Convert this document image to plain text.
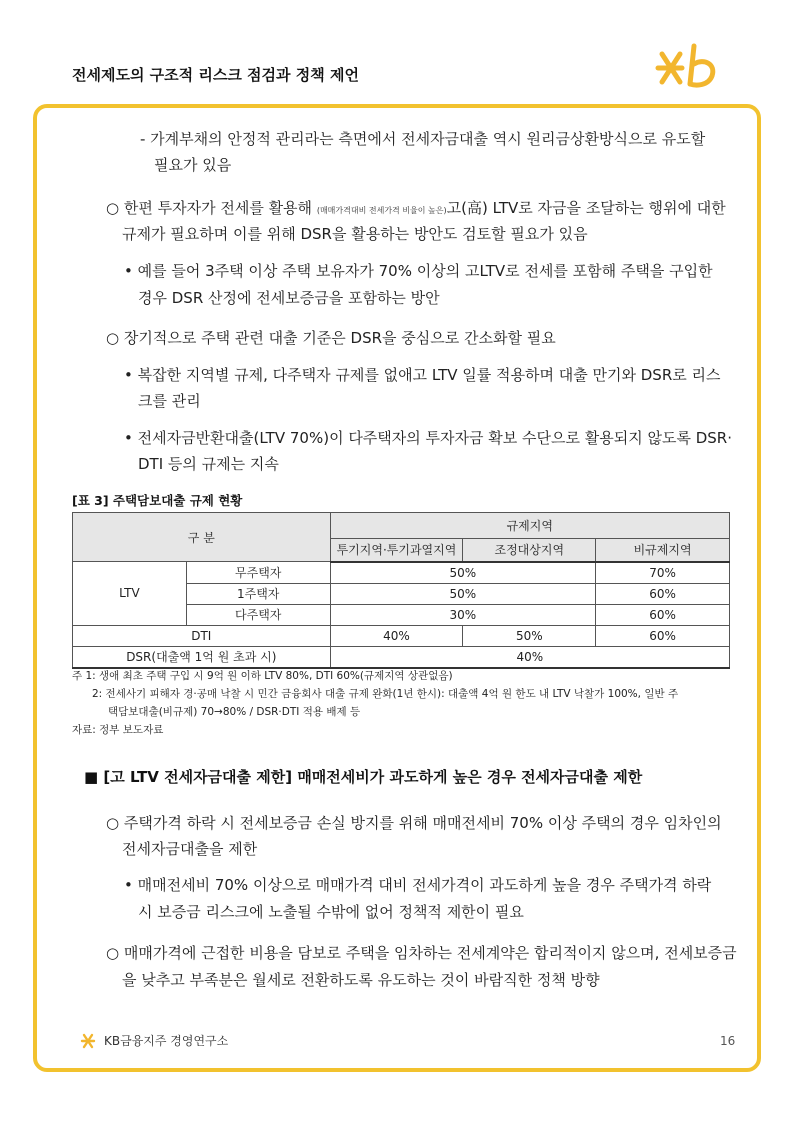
전세제도의 구조적 리스크 점검과 정책 제언
- 가계부채의 안정적 관리라는 측면에서 전세자금대출 역시 원리금상환방식으로 유도할
필요가 있음
○ 한편 투자자가 전세를 활용해 (매매가격대비 전세가격 비율이 높은)고(高) LTV로 자금을 조달하는 행위에 대한
규제가 필요하며 이를 위해 DSR을 활용하는 방안도 검토할 필요가 있음
• 예를 들어 3주택 이상 주택 보유자가 70% 이상의 고LTV로 전세를 포함해 주택을 구입한
경우 DSR 산정에 전세보증금을 포함하는 방안
○ 장기적으로 주택 관련 대출 기준은 DSR을 중심으로 간소화할 필요
• 복잡한 지역별 규제, 다주택자 규제를 없애고 LTV 일률 적용하며 대출 만기와 DSR로 리스
크를 관리
• 전세자금반환대출(LTV 70%)이 다주택자의 투자자금 확보 수단으로 활용되지 않도록 DSR·
DTI 등의 규제는 지속
[표 3] 주택담보대출 규제 현황
구 분		규제지역		
		투기지역·투기과열지역	조정대상지역	비규제지역
LTV	무주택자	50%		70%
	1주택자	50%		60%
	다주택자	30%		60%
DTI		40%	50%	60%
DSR(대출액 1억 원 초과 시)		40%		
주 1: 생애 최초 주택 구입 시 9억 원 이하 LTV 80%, DTI 60%(규제지역 상관없음)
2: 전세사기 피해자 경·공매 낙찰 시 민간 금융회사 대출 규제 완화(1년 한시): 대출액 4억 원 한도 내 LTV 낙찰가 100%, 일반 주
택담보대출(비규제) 70→80% / DSR·DTI 적용 배제 등
자료: 정부 보도자료
■ [고 LTV 전세자금대출 제한] 매매전세비가 과도하게 높은 경우 전세자금대출 제한
○ 주택가격 하락 시 전세보증금 손실 방지를 위해 매매전세비 70% 이상 주택의 경우 임차인의
전세자금대출을 제한
• 매매전세비 70% 이상으로 매매가격 대비 전세가격이 과도하게 높을 경우 주택가격 하락
시 보증금 리스크에 노출될 수밖에 없어 정책적 제한이 필요
○ 매매가격에 근접한 비용을 담보로 주택을 임차하는 전세계약은 합리적이지 않으며, 전세보증금
을 낮추고 부족분은 월세로 전환하도록 유도하는 것이 바람직한 정책 방향
KB금융지주 경영연구소	16
